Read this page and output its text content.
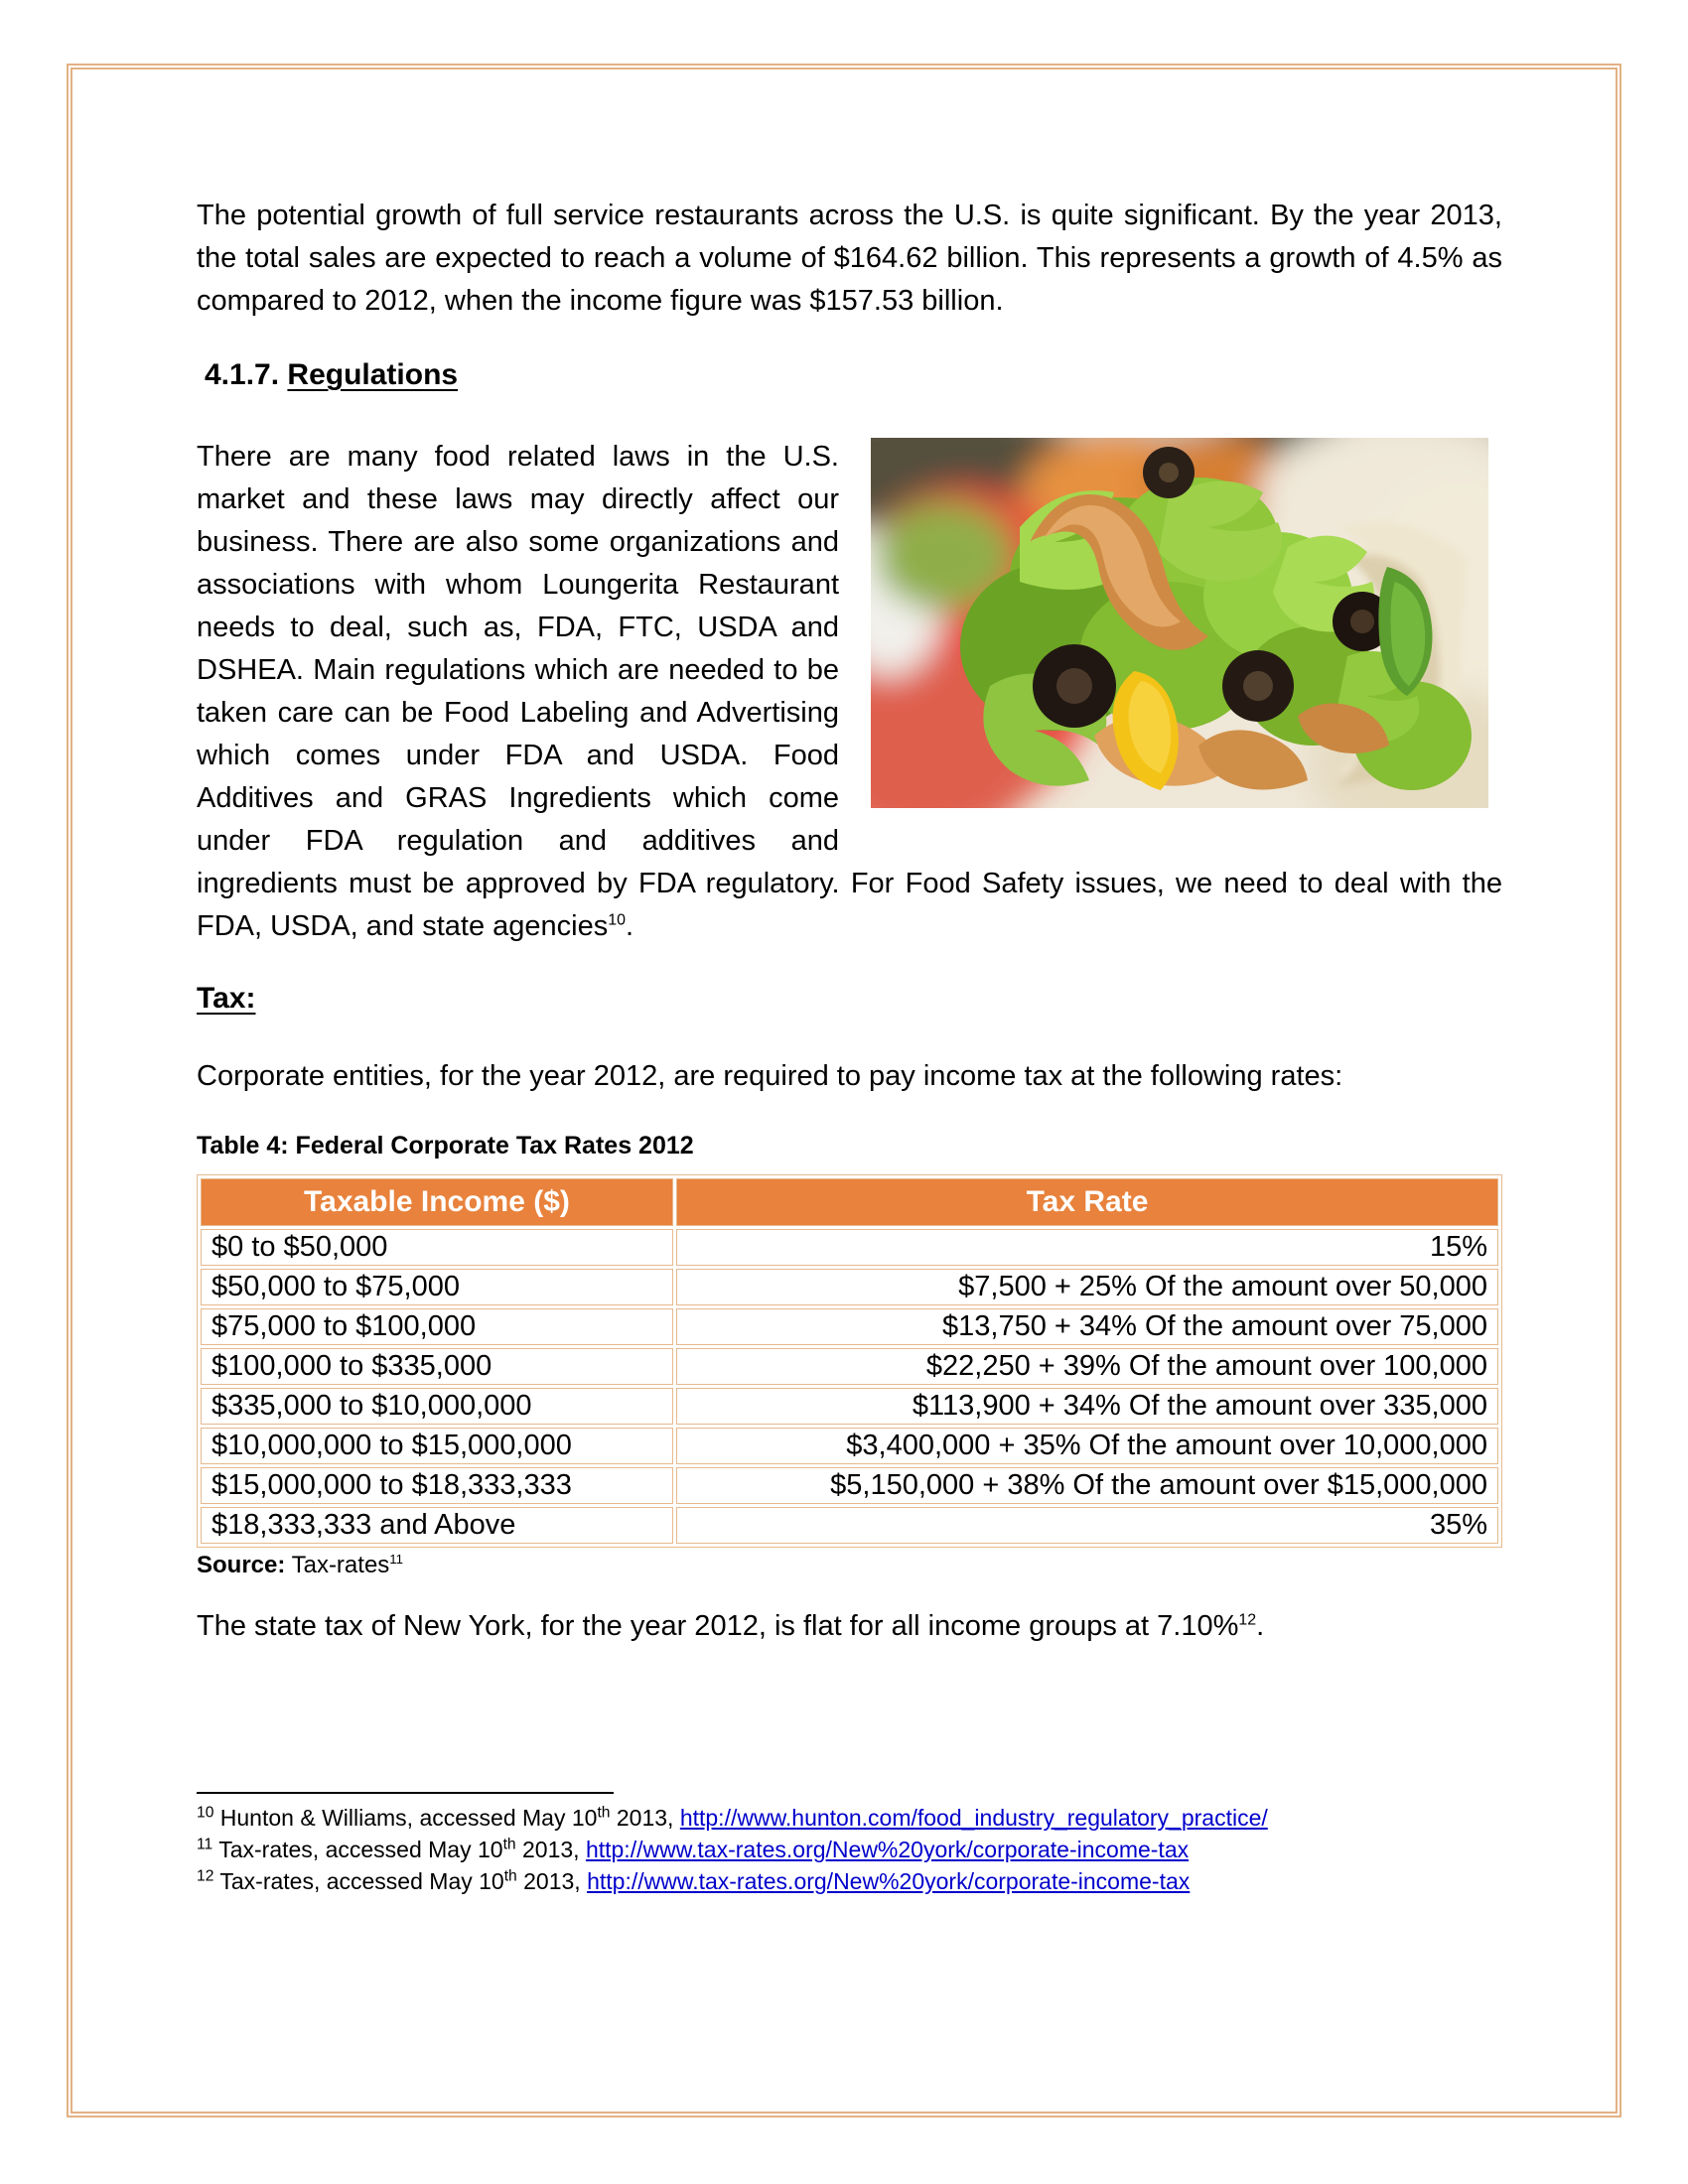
The potential growth of full service restaurants across the U.S. is quite significant. By the year 2013, the total sales are expected to reach a volume of $164.62 billion. This represents a growth of 4.5% as compared to 2012, when the income figure was $157.53 billion.

4.1.7. Regulations

There are many food related laws in the U.S. market and these laws may directly affect our business. There are also some organizations and associations with whom Loungerita Restaurant needs to deal, such as, FDA, FTC, USDA and DSHEA. Main regulations which are needed to be taken care can be Food Labeling and Advertising which comes under FDA and USDA. Food Additives and GRAS Ingredients which come under FDA regulation and additives and ingredients must be approved by FDA regulatory. For Food Safety issues, we need to deal with the FDA, USDA, and state agencies$^{10}$.

Tax:

Corporate entities, for the year 2012, are required to pay income tax at the following rates:

Table 4: Federal Corporate Tax Rates 2012
Taxable Income ($)	Tax Rate
$0 to $50,000	15%
$50,000 to $75,000	$7,500 + 25% Of the amount over 50,000
$75,000 to $100,000	$13,750 + 34% Of the amount over 75,000
$100,000 to $335,000	$22,250 + 39% Of the amount over 100,000
$335,000 to $10,000,000	$113,900 + 34% Of the amount over 335,000
$10,000,000 to $15,000,000	$3,400,000 + 35% Of the amount over 10,000,000
$15,000,000 to $18,333,333	$5,150,000 + 38% Of the amount over $15,000,000
$18,333,333 and Above	35%
Source: Tax-rates$^{11}$

The state tax of New York, for the year 2012, is flat for all income groups at 7.10%$^{12}$.

$^{10}$ Hunton & Williams, accessed May 10th 2013, http://www.hunton.com/food_industry_regulatory_practice/
$^{11}$ Tax-rates, accessed May 10th 2013, http://www.tax-rates.org/New%20york/corporate-income-tax
$^{12}$ Tax-rates, accessed May 10th 2013, http://www.tax-rates.org/New%20york/corporate-income-tax
